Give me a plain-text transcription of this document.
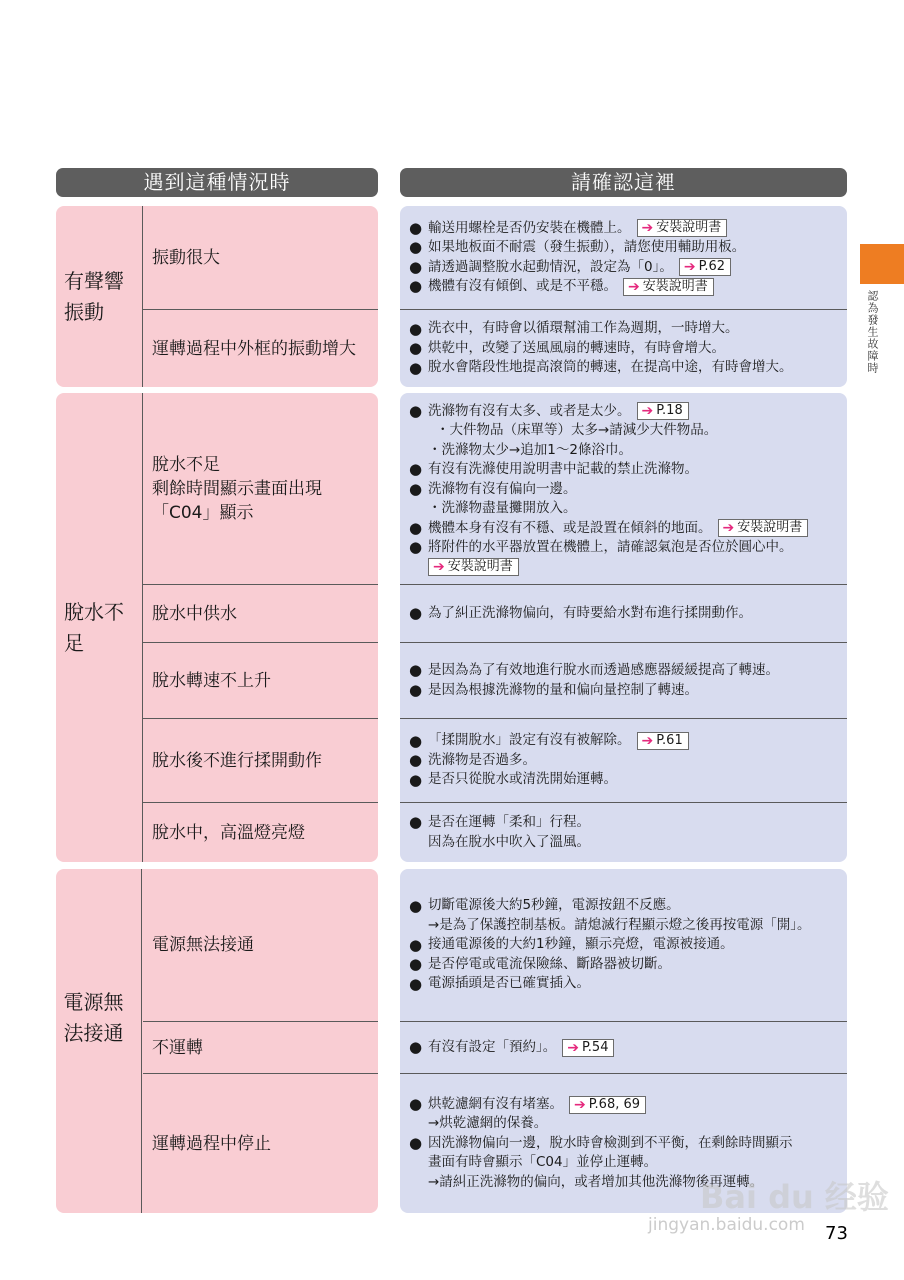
遇到這種情況時	請確認這裡
有聲響振動
振動很大
運轉過程中外框的振動增大
● 輸送用螺栓是否仍安裝在機體上。 ➔ 安裝說明書
● 如果地板面不耐震（發生振動），請您使用輔助用板。
● 請透過調整脫水起動情況，設定為「0」。 ➔ P.62
● 機體有沒有傾倒、或是不平穩。 ➔ 安裝說明書
● 洗衣中，有時會以循環幫浦工作為週期，一時增大。
● 烘乾中，改變了送風風扇的轉速時，有時會增大。
● 脫水會階段性地提高滾筒的轉速，在提高中途，有時會增大。
脫水不足
脫水不足
剩餘時間顯示畫面出現
「C04」顯示
脫水中供水
脫水轉速不上升
脫水後不進行揉開動作
脫水中，高溫燈亮燈
● 洗滌物有沒有太多、或者是太少。 ➔ P.18
・大件物品（床單等）太多→請減少大件物品。
・洗滌物太少→追加1～2條浴巾。
● 有沒有洗滌使用說明書中記載的禁止洗滌物。
● 洗滌物有沒有偏向一邊。
・洗滌物盡量攤開放入。
● 機體本身有沒有不穩、或是設置在傾斜的地面。 ➔ 安裝說明書
● 將附件的水平器放置在機體上，請確認氣泡是否位於圓心中。
➔ 安裝說明書
● 為了糾正洗滌物偏向，有時要給水對布進行揉開動作。
● 是因為為了有效地進行脫水而透過感應器緩緩提高了轉速。
● 是因為根據洗滌物的量和偏向量控制了轉速。
● 「揉開脫水」設定有沒有被解除。 ➔ P.61
● 洗滌物是否過多。
● 是否只從脫水或清洗開始運轉。
● 是否在運轉「柔和」行程。
因為在脫水中吹入了溫風。
電源無法接通
電源無法接通
不運轉
運轉過程中停止
● 切斷電源後大約5秒鐘，電源按鈕不反應。
→是為了保護控制基板。請熄滅行程顯示燈之後再按電源「開」。
● 接通電源後的大約1秒鐘，顯示亮燈，電源被接通。
● 是否停電或電流保險絲、斷路器被切斷。
● 電源插頭是否已確實插入。
● 有沒有設定「預約」。 ➔ P.54
● 烘乾濾網有沒有堵塞。 ➔ P.68, 69
→烘乾濾網的保養。
● 因洗滌物偏向一邊，脫水時會檢測到不平衡，在剩餘時間顯示
畫面有時會顯示「C04」並停止運轉。
→請糾正洗滌物的偏向，或者增加其他洗滌物後再運轉。
認為發生故障時
73
Bai du 经验
jingyan.baidu.com
